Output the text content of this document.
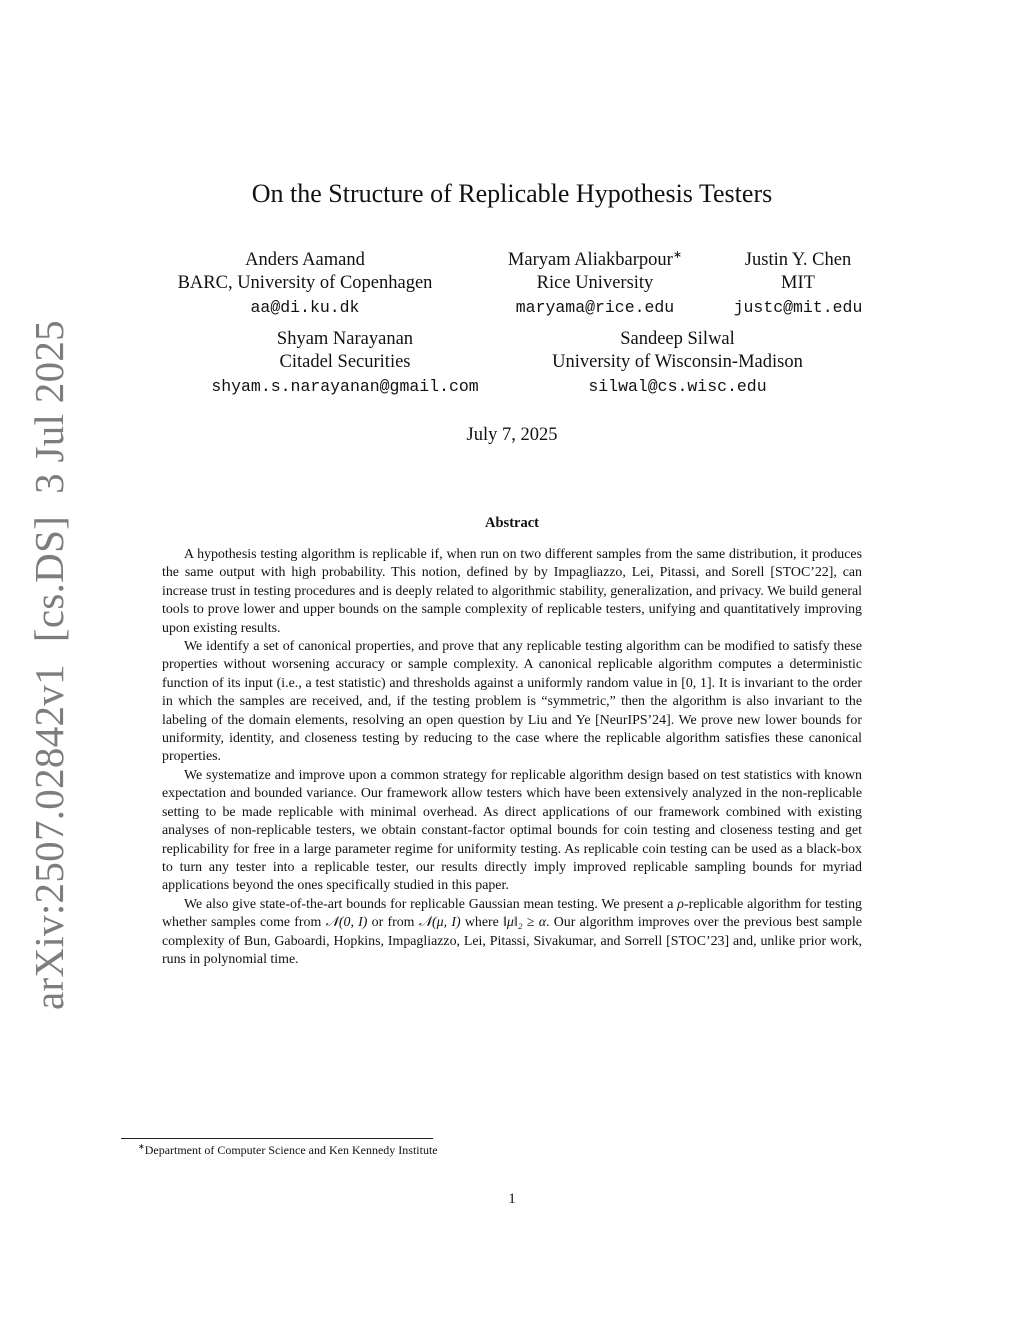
arXiv:2507.02842v1[cs.DS]3 Jul 2025
On the Structure of Replicable Hypothesis Testers
Anders Aamand
BARC, University of Copenhagen
aa@di.ku.dk
Maryam Aliakbarpour∗
Rice University
maryama@rice.edu
Justin Y. Chen
MIT
justc@mit.edu
Shyam Narayanan
Citadel Securities
shyam.s.narayanan@gmail.com
Sandeep Silwal
University of Wisconsin-Madison
silwal@cs.wisc.edu
July 7, 2025
Abstract

A hypothesis testing algorithm is replicable if, when run on two different samples from the same distribution, it produces the same output with high probability. This notion, defined by by Impagliazzo, Lei, Pitassi, and Sorell [STOC’22], can increase trust in testing procedures and is deeply related to algorithmic stability, generalization, and privacy. We build general tools to prove lower and upper bounds on the sample complexity of replicable testers, unifying and quantitatively improving upon existing results.

We identify a set of canonical properties, and prove that any replicable testing algorithm can be modified to satisfy these properties without worsening accuracy or sample complexity. A canonical replicable algorithm computes a deterministic function of its input (i.e., a test statistic) and thresholds against a uniformly random value in [0, 1]. It is invariant to the order in which the samples are received, and, if the testing problem is “symmetric,” then the algorithm is also invariant to the labeling of the domain elements, resolving an open question by Liu and Ye [NeurIPS’24]. We prove new lower bounds for uniformity, identity, and closeness testing by reducing to the case where the replicable algorithm satisfies these canonical properties.

We systematize and improve upon a common strategy for replicable algorithm design based on test statistics with known expectation and bounded variance. Our framework allow testers which have been extensively analyzed in the non-replicable setting to be made replicable with minimal overhead. As direct applications of our framework combined with existing analyses of non-replicable testers, we obtain constant-factor optimal bounds for coin testing and closeness testing and get replicability for free in a large parameter regime for uniformity testing. As replicable coin testing can be used as a black-box to turn any tester into a replicable tester, our results directly imply improved replicable sampling bounds for myriad applications beyond the ones specifically studied in this paper.

We also give state-of-the-art bounds for replicable Gaussian mean testing. We present a ρ-replicable algorithm for testing whether samples come from 𝒩(0, I) or from 𝒩(μ, I) where ‖μ‖₂ ≥ α. Our algorithm improves over the previous best sample complexity of Bun, Gaboardi, Hopkins, Impagliazzo, Lei, Pitassi, Sivakumar, and Sorrell [STOC’23] and, unlike prior work, runs in polynomial time.

∗Department of Computer Science and Ken Kennedy Institute
1
